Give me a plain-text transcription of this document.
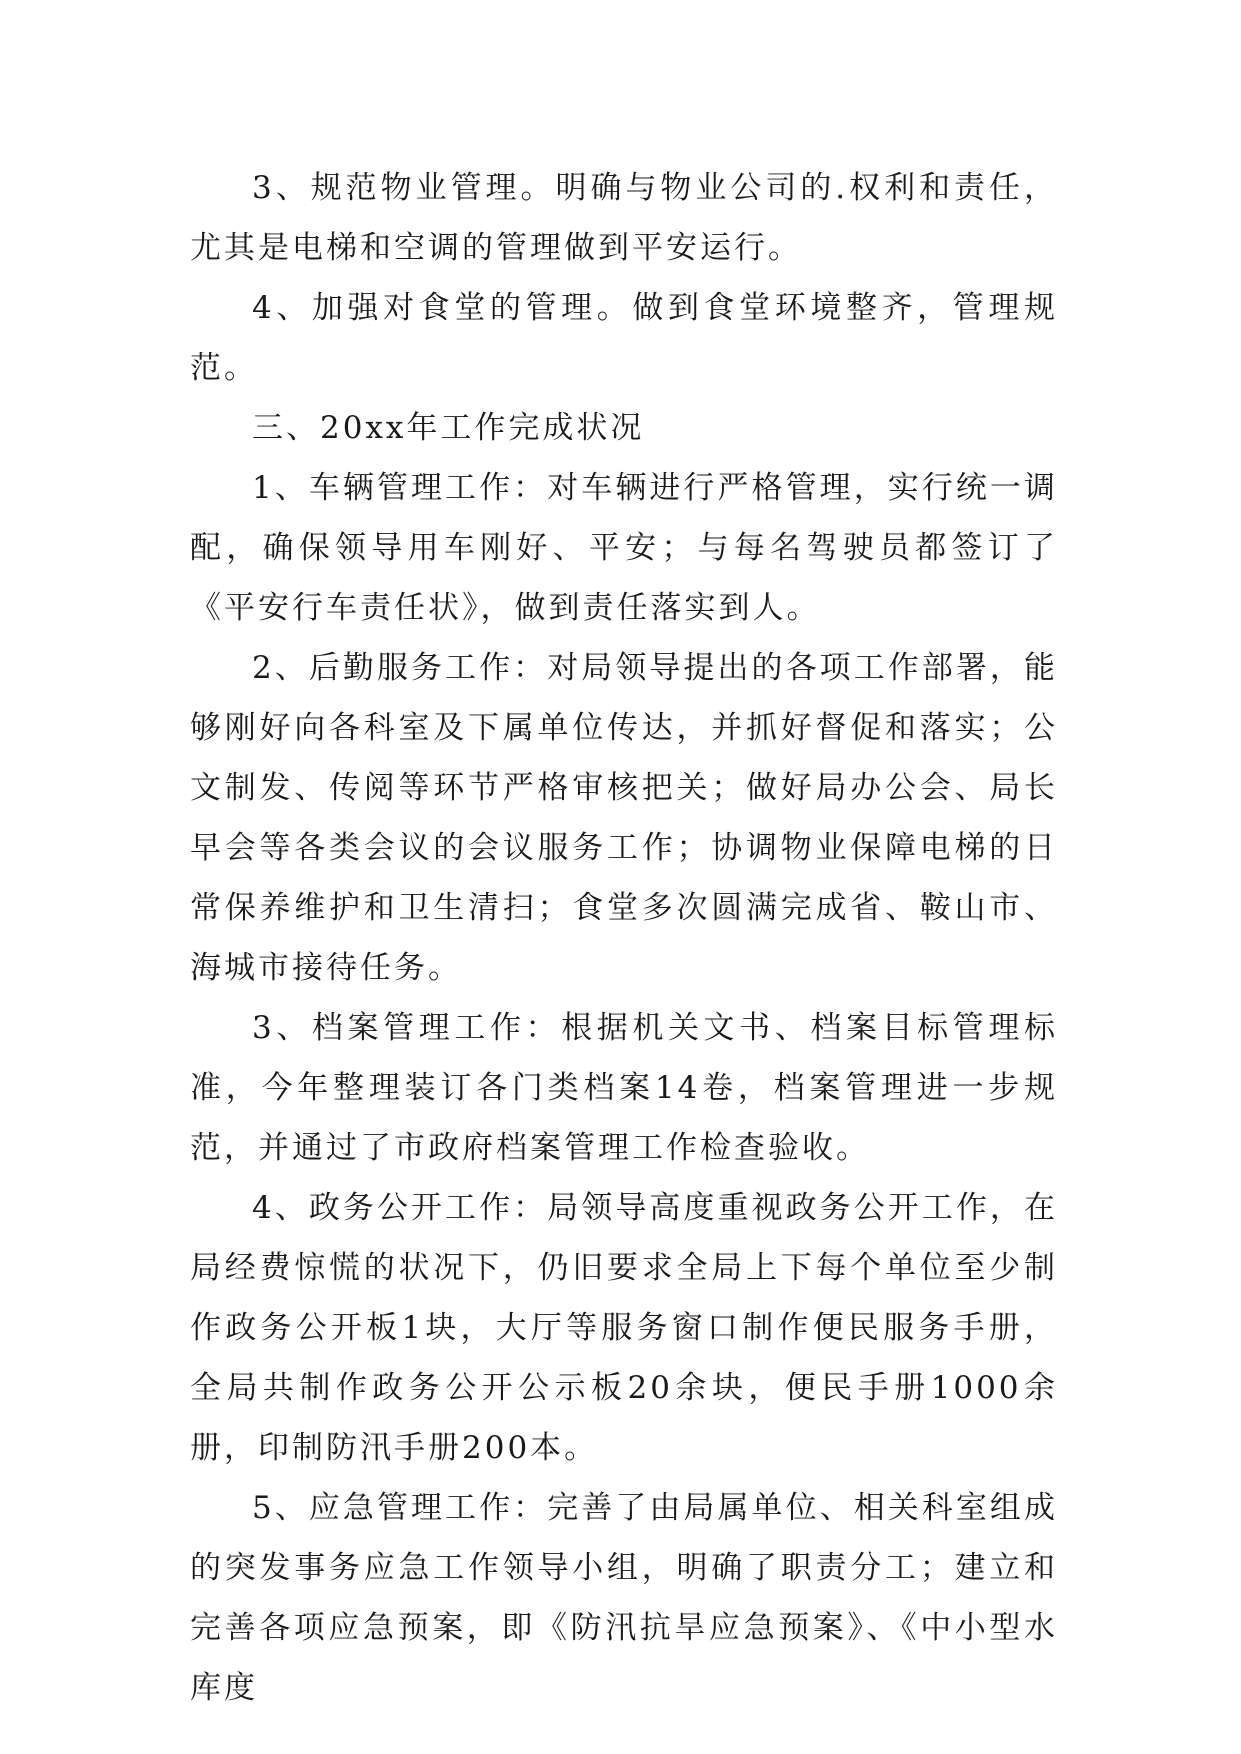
3、规范物业管理。明确与物业公司的.权利和责任，尤其是电梯和空调的管理做到平安运行。

4、加强对食堂的管理。做到食堂环境整齐，管理规范。

三、20xx年工作完成状况

1、车辆管理工作：对车辆进行严格管理，实行统一调配，确保领导用车刚好、平安；与每名驾驶员都签订了《平安行车责任状》，做到责任落实到人。

2、后勤服务工作：对局领导提出的各项工作部署，能够刚好向各科室及下属单位传达，并抓好督促和落实；公文制发、传阅等环节严格审核把关；做好局办公会、局长早会等各类会议的会议服务工作；协调物业保障电梯的日常保养维护和卫生清扫；食堂多次圆满完成省、鞍山市、海城市接待任务。

3、档案管理工作：根据机关文书、档案目标管理标准，今年整理装订各门类档案14卷，档案管理进一步规范，并通过了市政府档案管理工作检查验收。

4、政务公开工作：局领导高度重视政务公开工作，在局经费惊慌的状况下，仍旧要求全局上下每个单位至少制作政务公开板1块，大厅等服务窗口制作便民服务手册，全局共制作政务公开公示板20余块，便民手册1000余册，印制防汛手册200本。

5、应急管理工作：完善了由局属单位、相关科室组成的突发事务应急工作领导小组，明确了职责分工；建立和完善各项应急预案，即《防汛抗旱应急预案》、《中小型水库度
